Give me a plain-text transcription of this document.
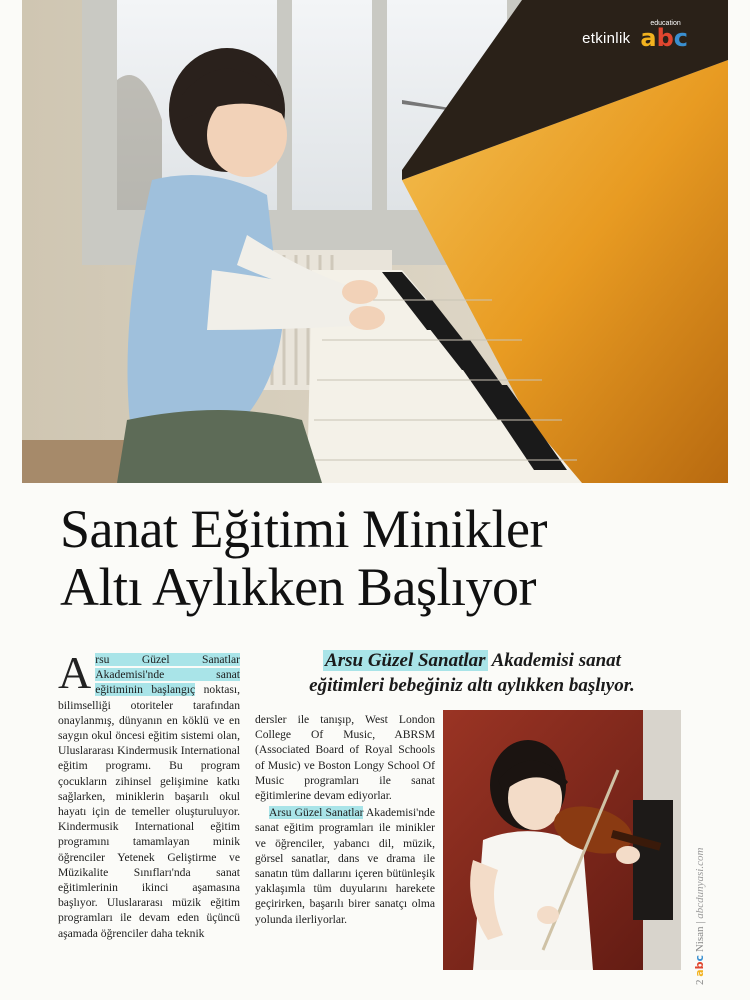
etkinlik
education
abc
Sanat Eğitimi Minikler
Altı Aylıkken Başlıyor

Arsu Güzel Sanatlar Akademisi'nde sanat eğitiminin başlangıç noktası, bilimselliği otoriteler tarafından onaylanmış, dünyanın en köklü ve en saygın okul öncesi eğitim sistemi olan, Uluslararası Kindermusik International eğitim programı. Bu program çocukların zihinsel gelişimine katkı sağlarken, miniklerin başarılı okul hayatı için de temeller oluşturuluyor. Kindermusik International eğitim programını tamamlayan minik öğrenciler Yetenek Geliştirme ve Müzikalite Sınıfları'nda sanat eğitimlerinin ikinci aşamasına başlıyor. Uluslararası müzik eğitim programları ile devam eden üçüncü aşamada öğrenciler daha teknik

Arsu Güzel Sanatlar Akademisi sanat
eğitimleri bebeğiniz altı aylıkken başlıyor.

dersler ile tanışıp, West London College Of Music, ABRSM (Associated Board of Royal Schools of Music) ve Boston Longy School Of Music programları ile sanat eğitimlerine devam ediyorlar.

Arsu Güzel Sanatlar Akademisi'nde sanat eğitim programları ile minikler ve öğrenciler, yabancı dil, müzik, görsel sanatlar, dans ve drama ile sanatın tüm dallarını içeren bütünleşik yaklaşımla tüm duyularını harekete geçirirken, başarılı birer sanatçı olma yolunda ilerliyorlar.

2 abc Nisan | abcdunyasi.com
